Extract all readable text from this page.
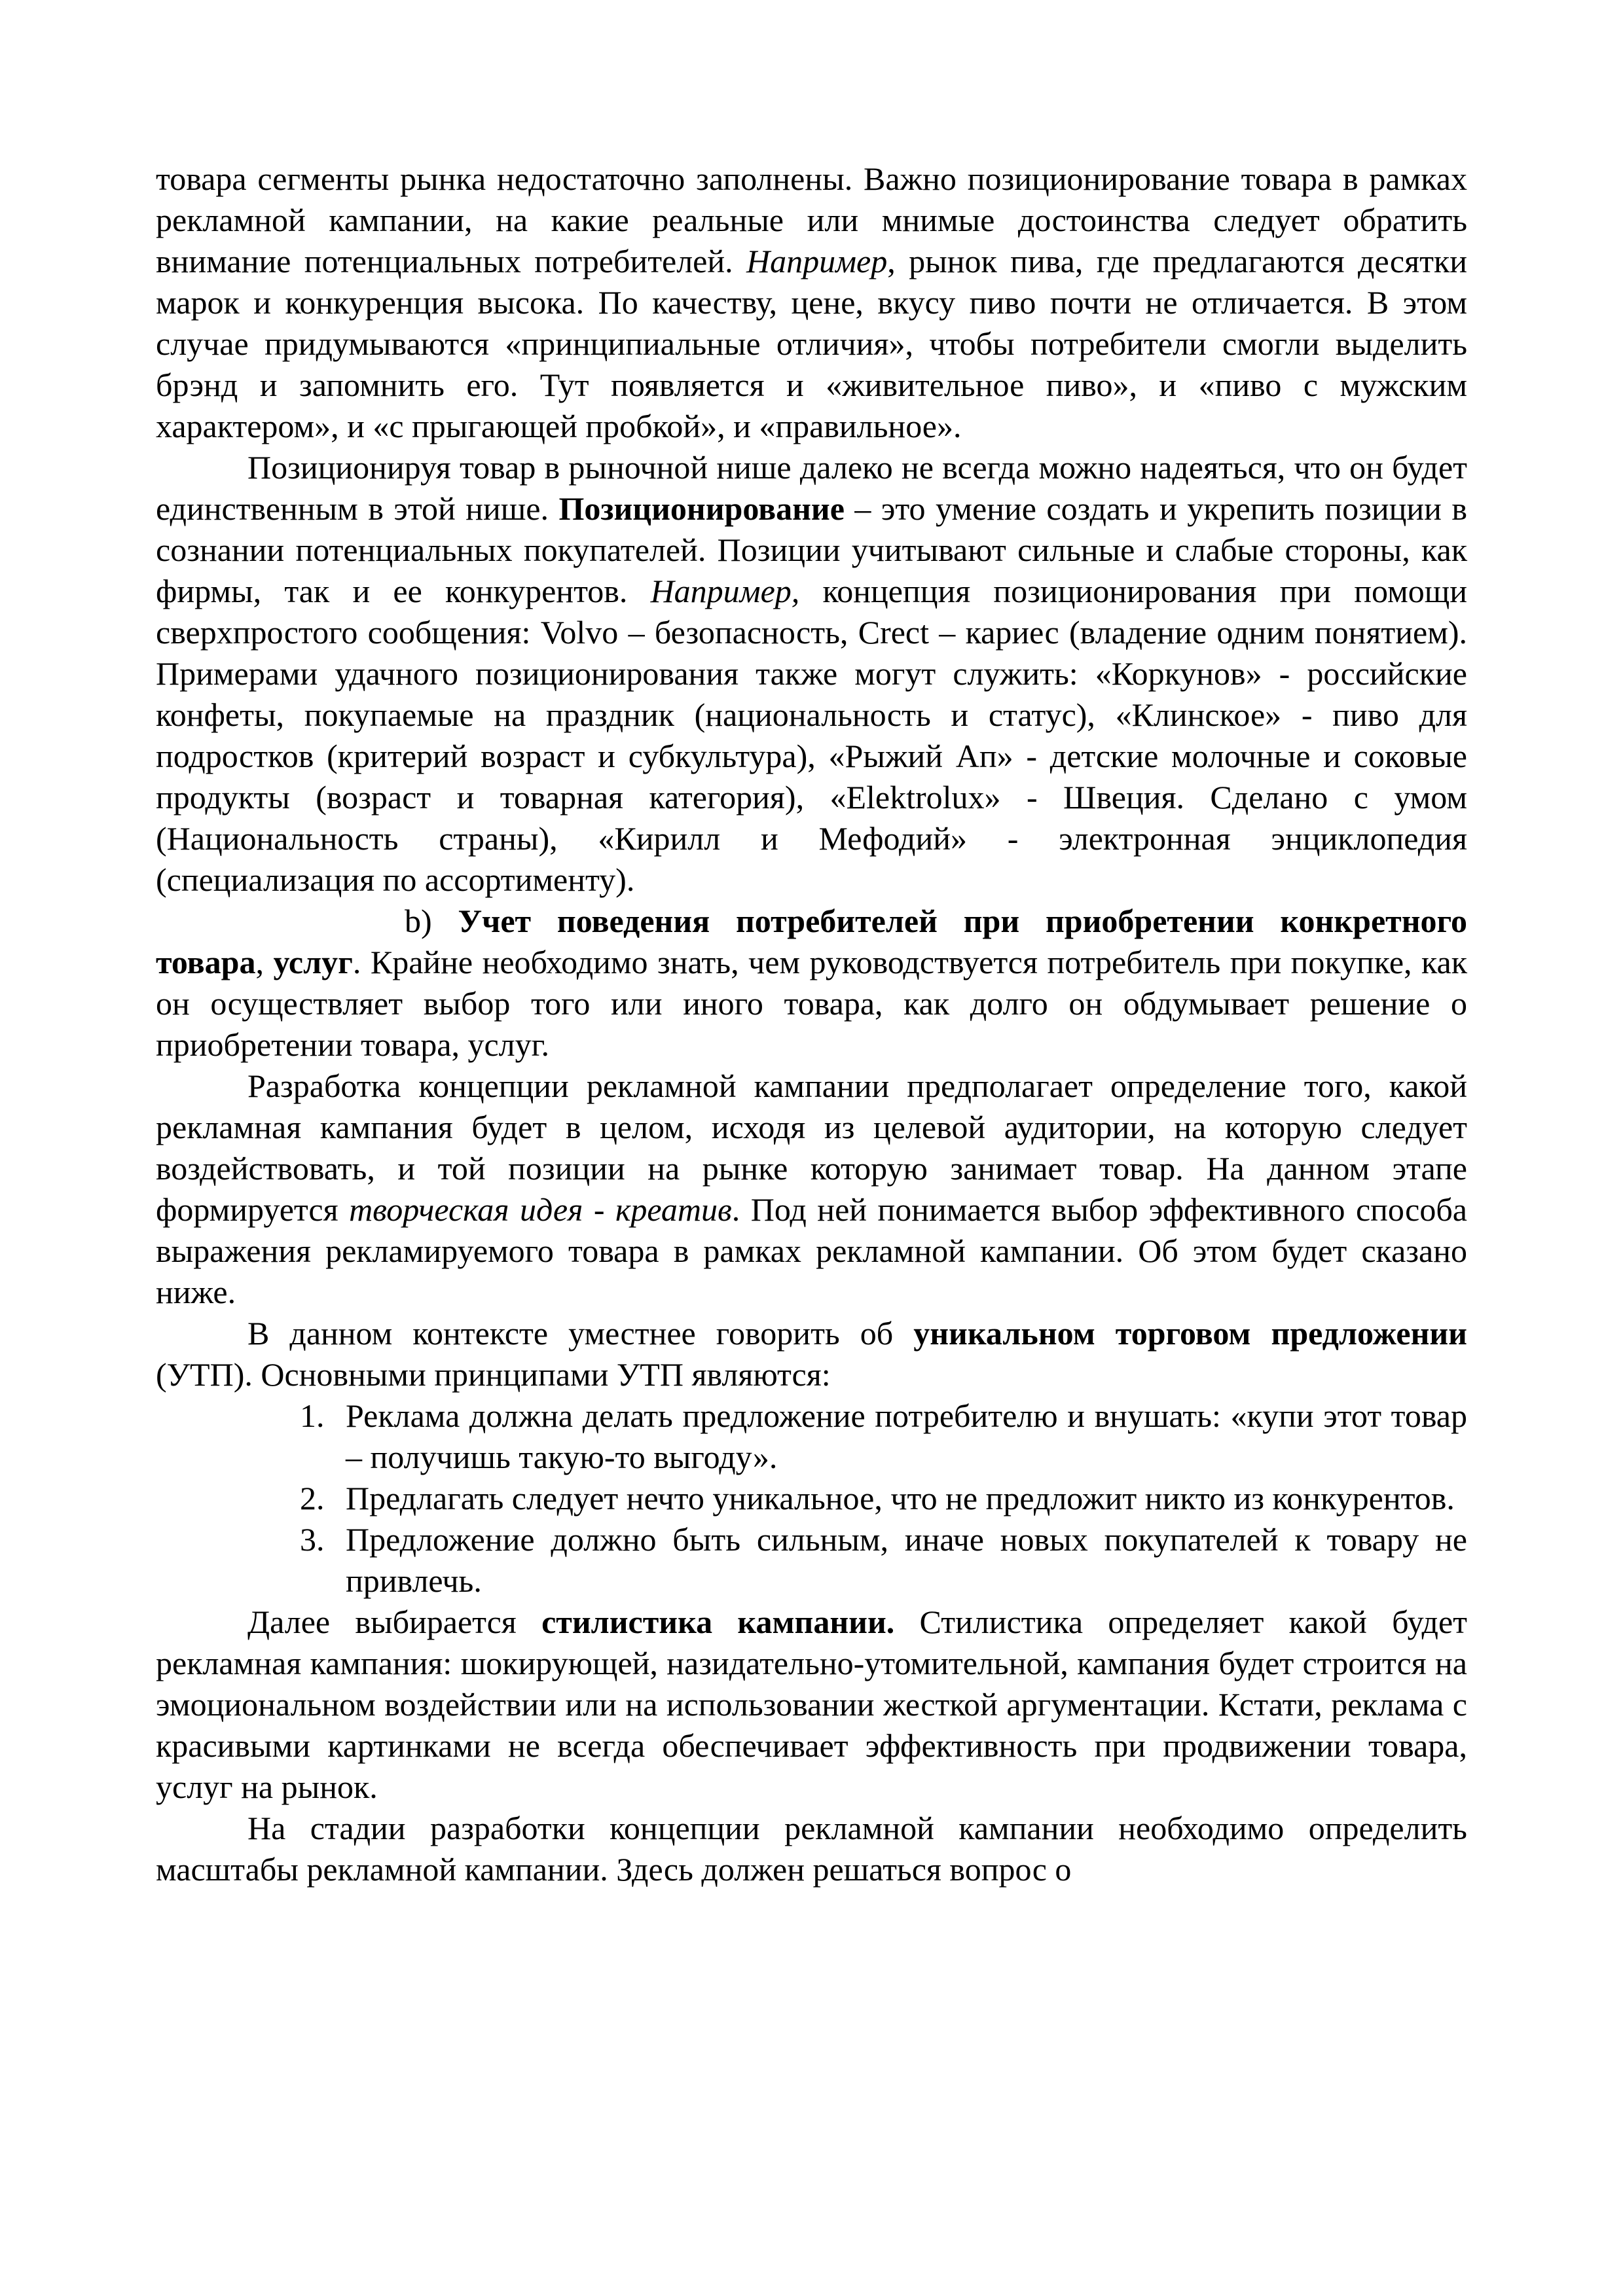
товара сегменты рынка недостаточно заполнены. Важно позиционирование товара в рамках рекламной кампании, на какие реальные или мнимые достоинства следует обратить внимание потенциальных потребителей. Например, рынок пива, где предлагаются десятки марок и конкуренция высока. По качеству, цене, вкусу пиво почти не отличается. В этом случае придумываются «принципиальные отличия», чтобы потребители смогли выделить брэнд и запомнить его. Тут появляется и «живительное пиво», и «пиво с мужским характером», и «с прыгающей пробкой», и «правильное».
Позиционируя товар в рыночной нише далеко не всегда можно надеяться, что он будет единственным в этой нише. Позиционирование – это умение создать и укрепить позиции в сознании потенциальных покупателей. Позиции учитывают сильные и слабые стороны, как фирмы, так и ее конкурентов. Например, концепция позиционирования при помощи сверхпростого сообщения: Volvo – безопасность, Crect – кариес (владение одним понятием). Примерами удачного позиционирования также могут служить: «Коркунов» - российские конфеты, покупаемые на праздник (национальность и статус), «Клинское» - пиво для подростков (критерий возраст и субкультура), «Рыжий Ап» - детские молочные и соковые продукты (возраст и товарная категория), «Elektrolux» - Швеция. Сделано с умом (Национальность страны), «Кирилл и Мефодий» - электронная энциклопедия (специализация по ассортименту).
b) Учет поведения потребителей при приобретении конкретного товара, услуг. Крайне необходимо знать, чем руководствуется потребитель при покупке, как он осуществляет выбор того или иного товара, как долго он обдумывает решение о приобретении товара, услуг.
Разработка концепции рекламной кампании предполагает определение того, какой рекламная кампания будет в целом, исходя из целевой аудитории, на которую следует воздействовать, и той позиции на рынке которую занимает товар. На данном этапе формируется творческая идея - креатив. Под ней понимается выбор эффективного способа выражения рекламируемого товара в рамках рекламной кампании. Об этом будет сказано ниже.
В данном контексте уместнее говорить об уникальном торговом предложении (УТП). Основными принципами УТП являются:
1. Реклама должна делать предложение потребителю и внушать: «купи этот товар – получишь такую-то выгоду».
2. Предлагать следует нечто уникальное, что не предложит никто из конкурентов.
3. Предложение должно быть сильным, иначе новых покупателей к товару не привлечь.
Далее выбирается стилистика кампании. Стилистика определяет какой будет рекламная кампания: шокирующей, назидательно-утомительной, кампания будет строится на эмоциональном воздействии или на использовании жесткой аргументации. Кстати, реклама с красивыми картинками не всегда обеспечивает эффективность при продвижении товара, услуг на рынок.
На стадии разработки концепции рекламной кампании необходимо определить масштабы рекламной кампании. Здесь должен решаться вопрос о
